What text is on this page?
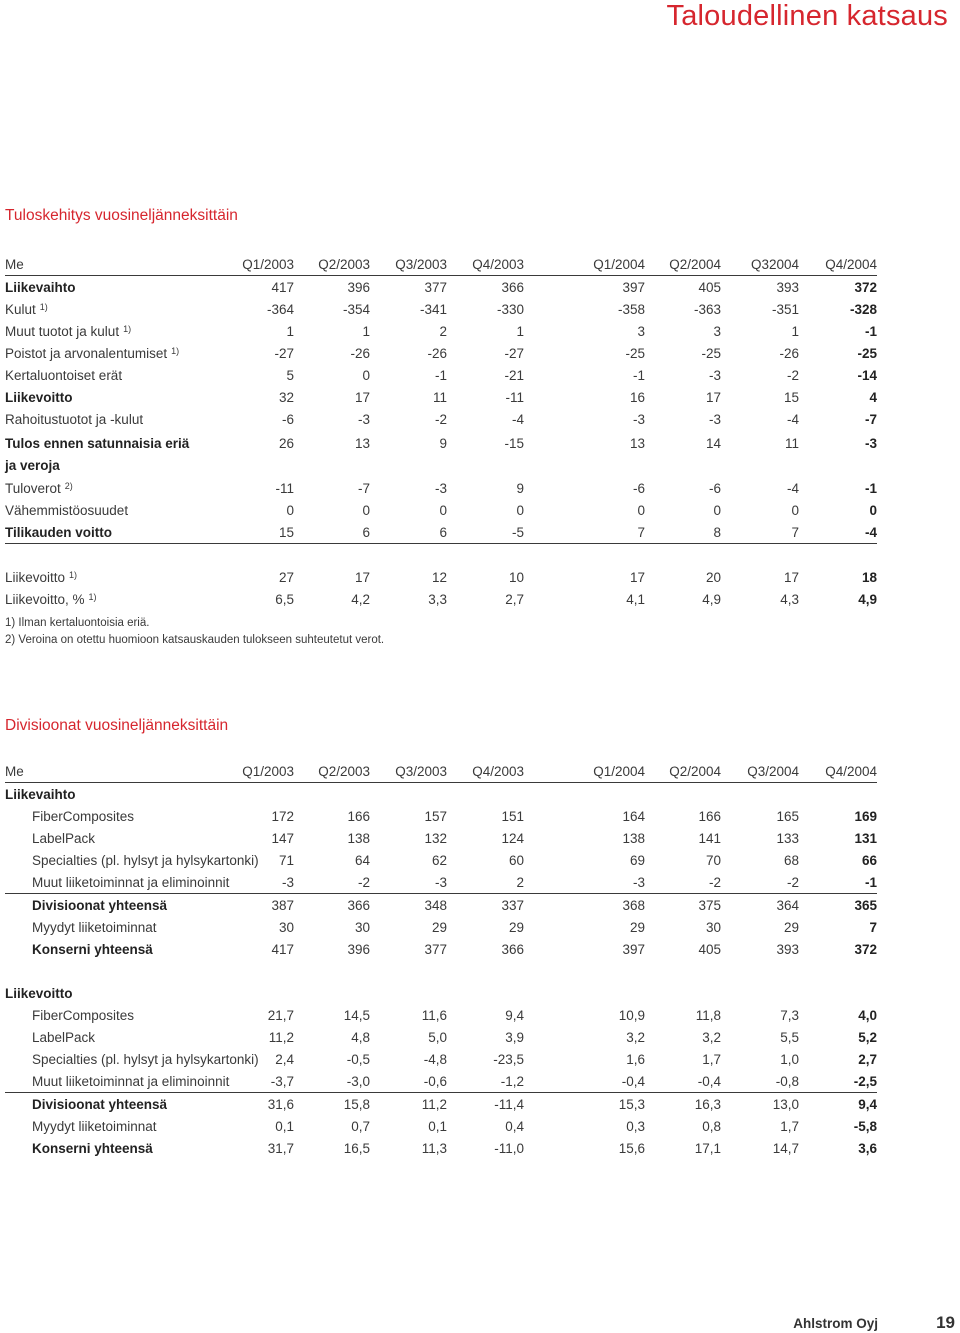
Taloudellinen katsaus
Tuloskehitys vuosineljänneksittäin
Me	Q1/2003	Q2/2003	Q3/2003	Q4/2003	Q1/2004	Q2/2004	Q32004	Q4/2004
Liikevaihto	417	396	377	366	397	405	393	372
Kulut $^{1)}$	-364	-354	-341	-330	-358	-363	-351	-328
Muut tuotot ja kulut $^{1)}$	1	1	2	1	3	3	1	-1
Poistot ja arvonalentumiset $^{1)}$	-27	-26	-26	-27	-25	-25	-26	-25
Kertaluontoiset erät	5	0	-1	-21	-1	-3	-2	-14
Liikevoitto	32	17	11	-11	16	17	15	4
Rahoitustuotot ja -kulut	-6	-3	-2	-4	-3	-3	-4	-7
Tulos ennen satunnaisia eriä
ja veroja	26	13	9	-15	13	14	11	-3
Tuloverot $^{2)}$	-11	-7	-3	9	-6	-6	-4	-1
Vähemmistöosuudet	0	0	0	0	0	0	0	0
Tilikauden voitto	15	6	6	-5	7	8	7	-4

Liikevoitto $^{1)}$	27	17	12	10	17	20	17	18
Liikevoitto, % $^{1)}$	6,5	4,2	3,3	2,7	4,1	4,9	4,3	4,9
1) Ilman kertaluontoisia eriä.
2) Veroina on otettu huomioon katsauskauden tulokseen suhteutetut verot.
Divisioonat vuosineljänneksittäin
Me	Q1/2003	Q2/2003	Q3/2003	Q4/2003	Q1/2004	Q2/2004	Q3/2004	Q4/2004
Liikevaihto								
FiberComposites	172	166	157	151	164	166	165	169
LabelPack	147	138	132	124	138	141	133	131
Specialties (pl. hylsyt ja hylsykartonki)	71	64	62	60	69	70	68	66
Muut liiketoiminnat ja eliminoinnit	-3	-2	-3	2	-3	-2	-2	-1
Divisioonat yhteensä	387	366	348	337	368	375	364	365
Myydyt liiketoiminnat	30	30	29	29	29	30	29	7
Konserni yhteensä	417	396	377	366	397	405	393	372

Liikevoitto								
FiberComposites	21,7	14,5	11,6	9,4	10,9	11,8	7,3	4,0
LabelPack	11,2	4,8	5,0	3,9	3,2	3,2	5,5	5,2
Specialties (pl. hylsyt ja hylsykartonki)	2,4	-0,5	-4,8	-23,5	1,6	1,7	1,0	2,7
Muut liiketoiminnat ja eliminoinnit	-3,7	-3,0	-0,6	-1,2	-0,4	-0,4	-0,8	-2,5
Divisioonat yhteensä	31,6	15,8	11,2	-11,4	15,3	16,3	13,0	9,4
Myydyt liiketoiminnat	0,1	0,7	0,1	0,4	0,3	0,8	1,7	-5,8
Konserni yhteensä	31,7	16,5	11,3	-11,0	15,6	17,1	14,7	3,6
Ahlstrom Oyj	19
